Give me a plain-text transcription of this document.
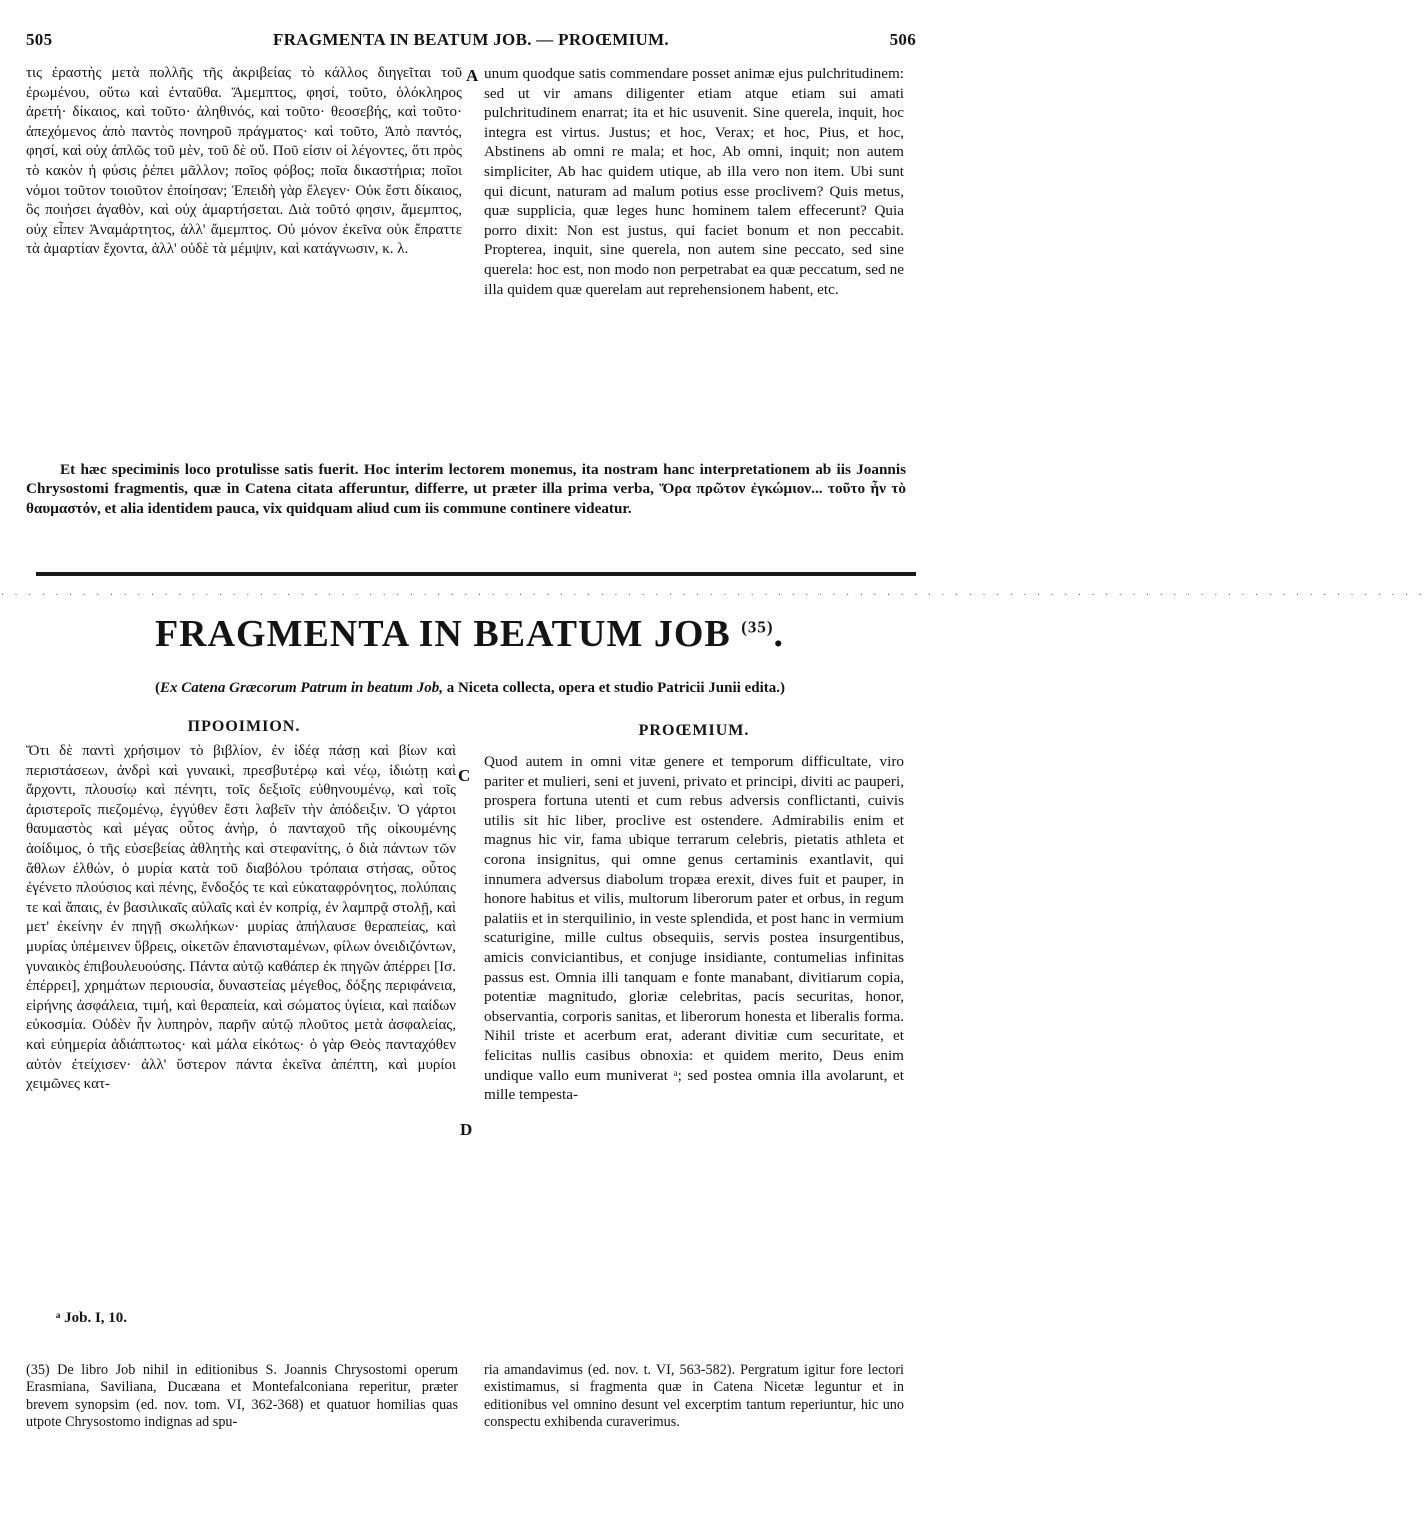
505	FRAGMENTA IN BEATUM JOB. — PROŒMIUM.	506

τις ἐραστὴς μετὰ πολλῆς τῆς ἀκριβείας τὸ κάλλος διηγεῖται τοῦ ἐρωμένου, οὕτω καὶ ἐνταῦθα. Ἄμεμπτος, φησί, τοῦτο, ὁλόκληρος ἀρετή· δίκαιος, καὶ τοῦτο· ἀληθινός, καὶ τοῦτο· θεοσεβής, καὶ τοῦτο· ἀπεχόμενος ἀπὸ παντὸς πονηροῦ πράγματος· καὶ τοῦτο, Ἀπὸ παντός, φησί, καὶ οὐχ ἁπλῶς τοῦ μὲν, τοῦ δὲ οὔ. Ποῦ εἰσιν οἱ λέγοντες, ὅτι πρὸς τὸ κακὸν ἡ φύσις ῥέπει μᾶλλον; ποῖος φόβος; ποῖα δικαστήρια; ποῖοι νόμοι τοῦτον τοιοῦτον ἐποίησαν; Ἐπειδὴ γὰρ ἔλεγεν· Οὐκ ἔστι δίκαιος, ὃς ποιήσει ἀγαθὸν, καὶ οὐχ ἁμαρτήσεται. Διὰ τοῦτό φησιν, ἄμεμπτος, οὐχ εἶπεν Ἀναμάρτητος, ἀλλ' ἄμεμπτος. Οὐ μόνον ἐκεῖνα οὐκ ἔπραττε τὰ ἁμαρτίαν ἔχοντα, ἀλλ' οὐδὲ τὰ μέμψιν, καὶ κατάγνωσιν, κ. λ.

A unum quodque satis commendare posset animæ ejus pulchritudinem: sed ut vir amans diligenter etiam atque etiam sui amati pulchritudinem enarrat; ita et hic usuvenit. Sine querela, inquit, hoc integra est virtus. Justus; et hoc, Verax; et hoc, Pius, et hoc, Abstinens ab omni re mala; et hoc, Ab omni, inquit; non autem simpliciter, Ab hac quidem utique, ab illa vero non item. Ubi sunt qui dicunt, naturam ad malum potius esse proclivem? Quis metus, quæ supplicia, quæ leges hunc hominem talem effecerunt? Quia porro dixit: Non est justus, qui faciet bonum et non peccabit. Propterea, inquit, sine querela, non autem sine peccato, sed sine querela: hoc est, non modo non perpetrabat ea quæ peccatum, sed ne illa quidem quæ querelam aut reprehensionem habent, etc.

Et hæc speciminis loco protulisse satis fuerit. Hoc interim lectorem monemus, ita nostram hanc interpretationem ab iis Joannis Chrysostomi fragmentis, quæ in Catena citata afferuntur, differre, ut præter illa prima verba, Ὅρα πρῶτον ἐγκώμιον... τοῦτο ἦν τὸ θαυμαστόν, et alia identidem pauca, vix quidquam aliud cum iis commune continere videatur.

. . . . . . . . . . . . . . . . . . . . . . . . . . . . . . . . . . . . . . . . . . . . . . . . . . . . . . . . . . . . . . . . . . . . . . . . . . . . . . . . . . . . . . . . . . . . . . . . . . . . . . . . .
FRAGMENTA IN BEATUM JOB $^{(35)}$.
(Ex Catena Græcorum Patrum in beatum Job, a Niceta collecta, opera et studio Patricii Junii edita.)
ΠΡΟΟΙΜΙΟΝ.	PROŒMIUM.

Ὅτι δὲ παντὶ χρήσιμον τὸ βιβλίον, ἐν ἰδέᾳ πάσῃ καὶ βίων καὶ περιστάσεων, ἀνδρὶ καὶ γυναικὶ, πρεσβυτέρῳ καὶ νέῳ, ἰδιώτῃ καὶ ἄρχοντι, πλουσίῳ καὶ πένητι, τοῖς δεξιοῖς εὐθηνουμένῳ, καὶ τοῖς ἀριστεροῖς πιεζομένῳ, ἐγγύθεν ἔστι λαβεῖν τὴν ἀπόδειξιν. Ὁ γάρτοι θαυμαστὸς καὶ μέγας οὗτος ἀνὴρ, ὁ πανταχοῦ τῆς οἰκουμένης ἀοίδιμος, ὁ τῆς εὐσεβείας ἀθλητὴς καὶ στεφανίτης, ὁ διὰ πάντων τῶν ἄθλων ἐλθών, ὁ μυρία κατὰ τοῦ διαβόλου τρόπαια στήσας, οὗτος ἐγένετο πλούσιος καὶ πένης, ἔνδοξός τε καὶ εὐκαταφρόνητος, πολύπαις τε καὶ ἄπαις, ἐν βασιλικαῖς αὐλαῖς καὶ ἐν κοπρίᾳ, ἐν λαμπρᾷ στολῇ, καὶ μετ' ἐκείνην ἐν πηγῇ σκωλήκων· μυρίας ἀπήλαυσε θεραπείας, καὶ μυρίας ὑπέμεινεν ὕβρεις, οἰκετῶν ἐπανισταμένων, φίλων ὀνειδιζόντων, γυναικὸς ἐπιβουλευούσης. Πάντα αὐτῷ καθάπερ ἐκ πηγῶν ἀπέρρει [Ισ. ἐπέρρει], χρημάτων περιουσία, δυναστείας μέγεθος, δόξης περιφάνεια, εἰρήνης ἀσφάλεια, τιμή, καὶ θεραπεία, καὶ σώματος ὑγίεια, καὶ παίδων εὐκοσμία. Οὐδὲν ἦν λυπηρὸν, παρῆν αὐτῷ πλοῦτος μετὰ ἀσφαλείας, καὶ εὐημερία ἀδιάπτωτος· καὶ μάλα εἰκότως· ὁ γὰρ Θεὸς πανταχόθεν αὐτὸν ἐτείχισεν· ἀλλ' ὕστερον πάντα ἐκεῖνα ἀπέπτη, καὶ μυρίοι χειμῶνες κατ-

C
D

Quod autem in omni vitæ genere et temporum difficultate, viro pariter et mulieri, seni et juveni, privato et principi, diviti ac pauperi, prospera fortuna utenti et cum rebus adversis conflictanti, cuivis utilis sit hic liber, proclive est ostendere. Admirabilis enim et magnus hic vir, fama ubique terrarum celebris, pietatis athleta et corona insignitus, qui omne genus certaminis exantlavit, qui innumera adversus diabolum tropæa erexit, dives fuit et pauper, in honore habitus et vilis, multorum liberorum pater et orbus, in regum palatiis et in sterquilinio, in veste splendida, et post hanc in vermium scaturigine, mille cultus obsequiis, servis postea insurgentibus, amicis conviciantibus, et conjuge insidiante, contumelias infinitas passus est. Omnia illi tanquam e fonte manabant, divitiarum copia, potentiæ magnitudo, gloriæ celebritas, pacis securitas, honor, observantia, corporis sanitas, et liberorum honesta et liberalis forma. Nihil triste et acerbum erat, aderant divitiæ cum securitate, et felicitas nullis casibus obnoxia: et quidem merito, Deus enim undique vallo eum muniverat ᵃ; sed postea omnia illa avolarunt, et mille tempesta-

ᵃ Job. I, 10.

(35) De libro Job nihil in editionibus S. Joannis Chrysostomi operum Erasmiana, Saviliana, Ducæana et Montefalconiana reperitur, præter brevem synopsim (ed. nov. tom. VI, 362-368) et quatuor homilias quas utpote Chrysostomo indignas ad spu-

ria amandavimus (ed. nov. t. VI, 563-582). Pergratum igitur fore lectori existimamus, si fragmenta quæ in Catena Nicetæ leguntur et in editionibus vel omnino desunt vel excerptim tantum reperiuntur, hic uno conspectu exhibenda curaverimus.
